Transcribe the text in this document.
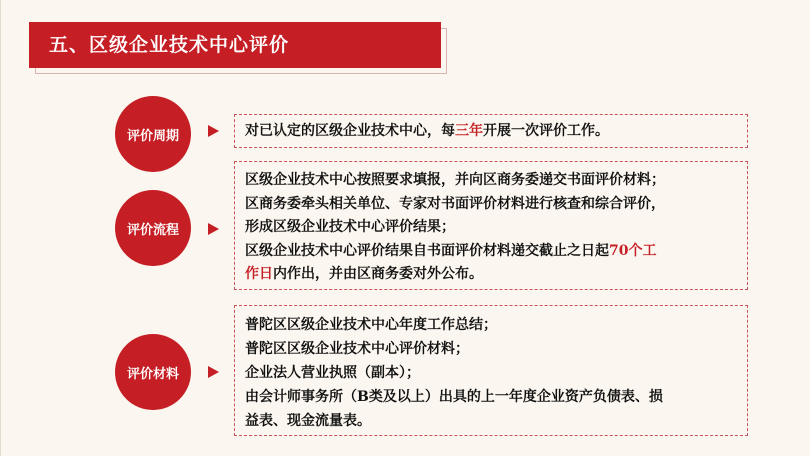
五、区级企业技术中心评价
评价周期	对已认定的区级企业技术中心，每三年开展一次评价工作。
评价流程
区级企业技术中心按照要求填报，并向区商务委递交书面评价材料；
区商务委牵头相关单位、专家对书面评价材料进行核查和综合评价，
形成区级企业技术中心评价结果；
区级企业技术中心评价结果自书面评价材料递交截止之日起70个工
作日内作出，并由区商务委对外公布。
评价材料
普陀区区级企业技术中心年度工作总结；
普陀区区级企业技术中心评价材料；
企业法人营业执照（副本）；
由会计师事务所（B类及以上）出具的上一年度企业资产负债表、损
益表、现金流量表。
